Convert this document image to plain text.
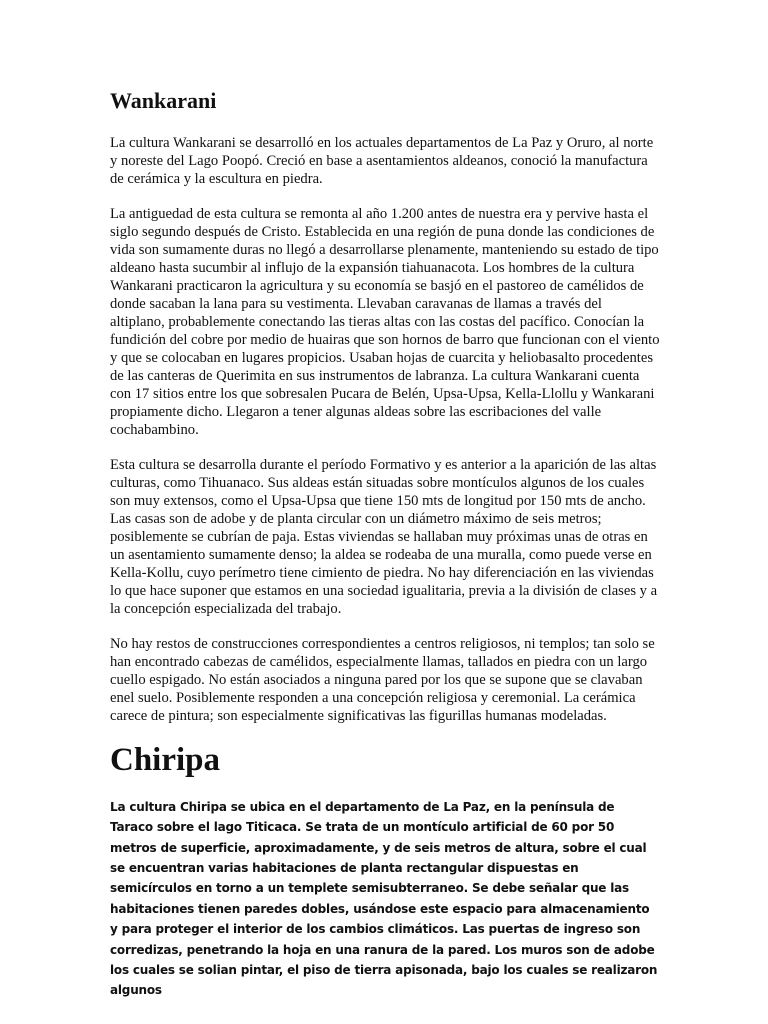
Wankarani

La cultura Wankarani se desarrolló en los actuales departamentos de La Paz y Oruro, al norte y noreste del Lago Poopó. Creció en base a asentamientos aldeanos, conoció la manufactura de cerámica y la escultura en piedra.

La antiguedad de esta cultura se remonta al año 1.200 antes de nuestra era y pervive hasta el siglo segundo después de Cristo. Establecida en una región de puna donde las condiciones de vida son sumamente duras no llegó a desarrollarse plenamente, manteniendo su estado de tipo aldeano hasta sucumbir al influjo de la expansión tiahuanacota. Los hombres de la cultura Wankarani practicaron la agricultura y su economía se basjó en el pastoreo de camélidos de donde sacaban la lana para su vestimenta. Llevaban caravanas de llamas a través del altiplano, probablemente conectando las tieras altas con las costas del pacífico. Conocían la fundición del cobre por medio de huairas que son hornos de barro que funcionan con el viento y que se colocaban en lugares propicios. Usaban hojas de cuarcita y heliobasalto procedentes de las canteras de Querimita en sus instrumentos de labranza. La cultura Wankarani cuenta con 17 sitios entre los que sobresalen Pucara de Belén, Upsa-Upsa, Kella-Llollu y Wankarani propiamente dicho. Llegaron a tener algunas aldeas sobre las escribaciones del valle cochabambino.

Esta cultura se desarrolla durante el período Formativo y es anterior a la aparición de las altas culturas, como Tihuanaco. Sus aldeas están situadas sobre montículos algunos de los cuales son muy extensos, como el Upsa-Upsa que tiene 150 mts de longitud por 150 mts de ancho. Las casas son de adobe y de planta circular con un diámetro máximo de seis metros; posiblemente se cubrían de paja. Estas viviendas se hallaban muy próximas unas de otras en un asentamiento sumamente denso; la aldea se rodeaba de una muralla, como puede verse en Kella-Kollu, cuyo perímetro tiene cimiento de piedra. No hay diferenciación en las viviendas lo que hace suponer que estamos en una sociedad igualitaria, previa a la división de clases y a la concepción especializada del trabajo.

No hay restos de construcciones correspondientes a centros religiosos, ni templos; tan solo se han encontrado cabezas de camélidos, especialmente llamas, tallados en piedra con un largo cuello espigado. No están asociados a ninguna pared por los que se supone que se clavaban enel suelo. Posiblemente responden a una concepción religiosa y ceremonial. La cerámica carece de pintura; son especialmente significativas las figurillas humanas modeladas.

Chiripa

La cultura Chiripa se ubica en el departamento de La Paz, en la península de Taraco sobre el lago Titicaca. Se trata de un montículo artificial de 60 por 50 metros de superficie, aproximadamente, y de seis metros de altura, sobre el cual se encuentran varias habitaciones de planta rectangular dispuestas en semicírculos en torno a un templete semisubterraneo. Se debe señalar que las habitaciones tienen paredes dobles, usándose este espacio para almacenamiento y para proteger el interior de los cambios climáticos. Las puertas de ingreso son corredizas, penetrando la hoja en una ranura de la pared. Los muros son de adobe los cuales se solian pintar, el piso de tierra apisonada, bajo los cuales se realizaron algunos
